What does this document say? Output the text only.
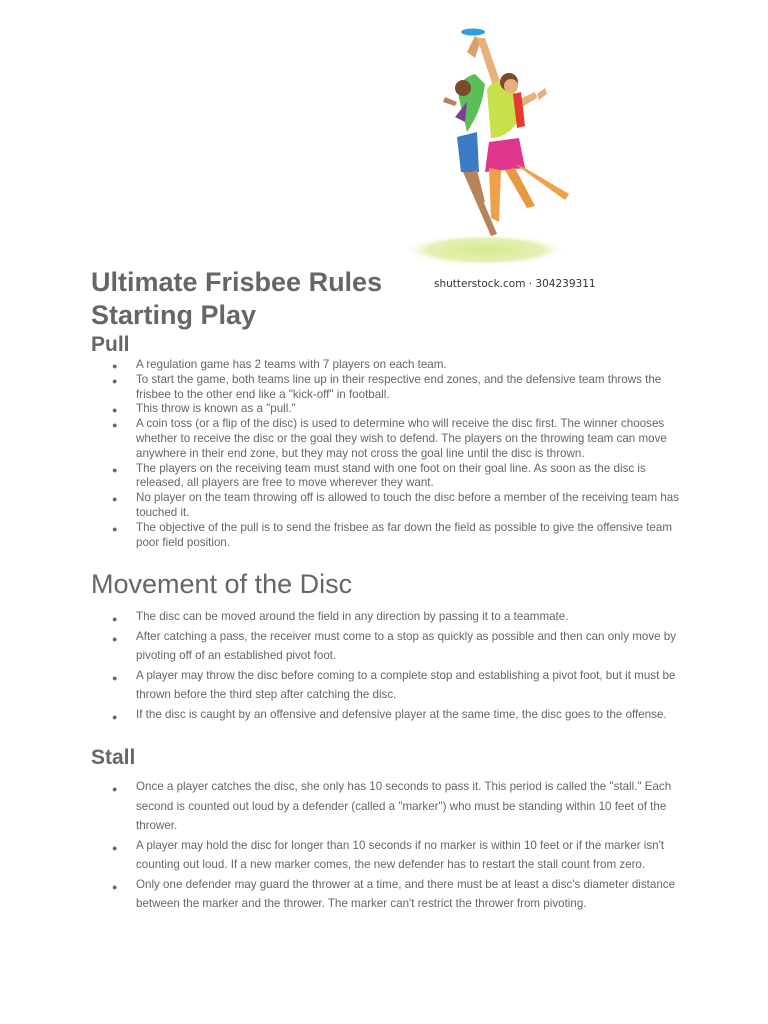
shutterstock.com · 304239311
Ultimate Frisbee Rules
Starting Play
Pull
● A regulation game has 2 teams with 7 players on each team.
● To start the game, both teams line up in their respective end zones, and the defensive team throws the frisbee to the other end like a "kick-off" in football.
● This throw is known as a "pull."
● A coin toss (or a flip of the disc) is used to determine who will receive the disc first. The winner chooses whether to receive the disc or the goal they wish to defend. The players on the throwing team can move anywhere in their end zone, but they may not cross the goal line until the disc is thrown.
● The players on the receiving team must stand with one foot on their goal line. As soon as the disc is released, all players are free to move wherever they want.
● No player on the team throwing off is allowed to touch the disc before a member of the receiving team has touched it.
● The objective of the pull is to send the frisbee as far down the field as possible to give the offensive team poor field position.
Movement of the Disc
● The disc can be moved around the field in any direction by passing it to a teammate.
● After catching a pass, the receiver must come to a stop as quickly as possible and then can only move by pivoting off of an established pivot foot.
● A player may throw the disc before coming to a complete stop and establishing a pivot foot, but it must be thrown before the third step after catching the disc.
● If the disc is caught by an offensive and defensive player at the same time, the disc goes to the offense.
Stall
● Once a player catches the disc, she only has 10 seconds to pass it. This period is called the "stall." Each second is counted out loud by a defender (called a "marker") who must be standing within 10 feet of the thrower.
● A player may hold the disc for longer than 10 seconds if no marker is within 10 feet or if the marker isn't counting out loud. If a new marker comes, the new defender has to restart the stall count from zero.
● Only one defender may guard the thrower at a time, and there must be at least a disc's diameter distance between the marker and the thrower. The marker can't restrict the thrower from pivoting.
